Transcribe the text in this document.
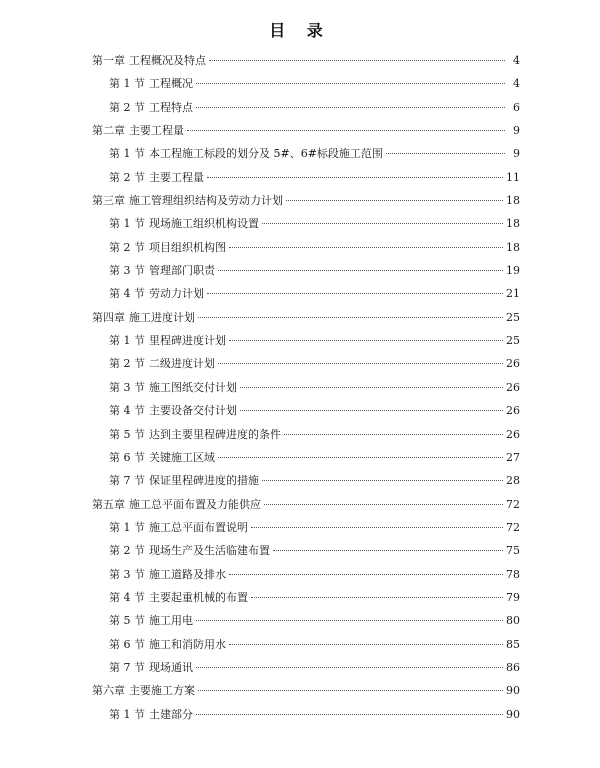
目 录
第一章 工程概况及特点	4
第 1 节 工程概况	4
第 2 节 工程特点	6
第二章 主要工程量	9
第 1 节 本工程施工标段的划分及 5#、6#标段施工范围	9
第 2 节 主要工程量	11
第三章 施工管理组织结构及劳动力计划	18
第 1 节 现场施工组织机构设置	18
第 2 节 项目组织机构图	18
第 3 节 管理部门职责	19
第 4 节 劳动力计划	21
第四章 施工进度计划	25
第 1 节 里程碑进度计划	25
第 2 节 二级进度计划	26
第 3 节 施工图纸交付计划	26
第 4 节 主要设备交付计划	26
第 5 节 达到主要里程碑进度的条件	26
第 6 节 关键施工区域	27
第 7 节 保证里程碑进度的措施	28
第五章 施工总平面布置及力能供应	72
第 1 节 施工总平面布置说明	72
第 2 节 现场生产及生活临建布置	75
第 3 节 施工道路及排水	78
第 4 节 主要起重机械的布置	79
第 5 节 施工用电	80
第 6 节 施工和消防用水	85
第 7 节 现场通讯	86
第六章 主要施工方案	90
第 1 节 土建部分	90
